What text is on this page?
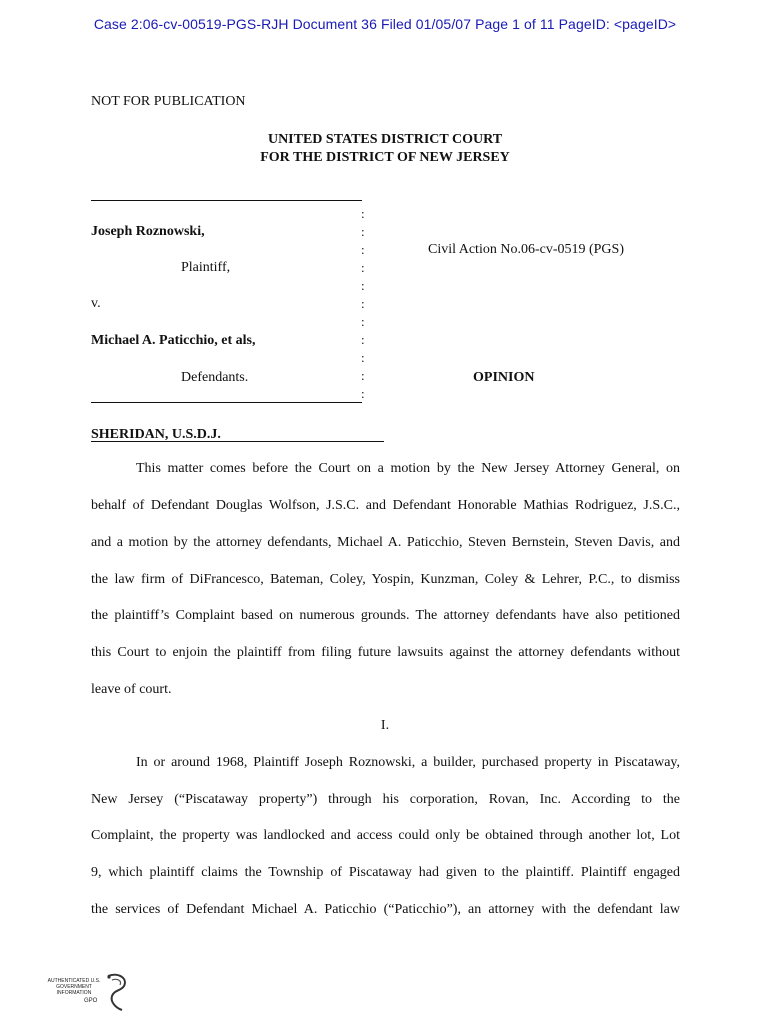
Case 2:06-cv-00519-PGS-RJH Document 36 Filed 01/05/07 Page 1 of 11 PageID: <pageID>
NOT FOR PUBLICATION
UNITED STATES DISTRICT COURT
FOR THE DISTRICT OF NEW JERSEY
:
:
:
:
:
:
:
:
:
:
:
Joseph Roznowski,
Plaintiff,
v.
Michael A. Paticchio, et als,
Defendants.
Civil Action No.06-cv-0519 (PGS)
OPINION
SHERIDAN, U.S.D.J.
This matter comes before the Court on a motion by the New Jersey Attorney General, on
behalf of Defendant Douglas Wolfson, J.S.C. and Defendant Honorable Mathias Rodriguez, J.S.C.,
and a motion by the attorney defendants, Michael A. Paticchio, Steven Bernstein, Steven Davis, and
the law firm of DiFrancesco, Bateman, Coley, Yospin, Kunzman, Coley & Lehrer, P.C., to dismiss
the plaintiff’s Complaint based on numerous grounds. The attorney defendants have also petitioned
this Court to enjoin the plaintiff from filing future lawsuits against the attorney defendants without
leave of court.
I.
In or around 1968, Plaintiff Joseph Roznowski, a builder, purchased property in Piscataway,
New Jersey (“Piscataway property”) through his corporation, Rovan, Inc. According to the
Complaint, the property was landlocked and access could only be obtained through another lot, Lot
9, which plaintiff claims the Township of Piscataway had given to the plaintiff. Plaintiff engaged
the services of Defendant Michael A. Paticchio (“Paticchio”), an attorney with the defendant law
AUTHENTICATED U.S. GOVERNMENT INFORMATION
GPO
